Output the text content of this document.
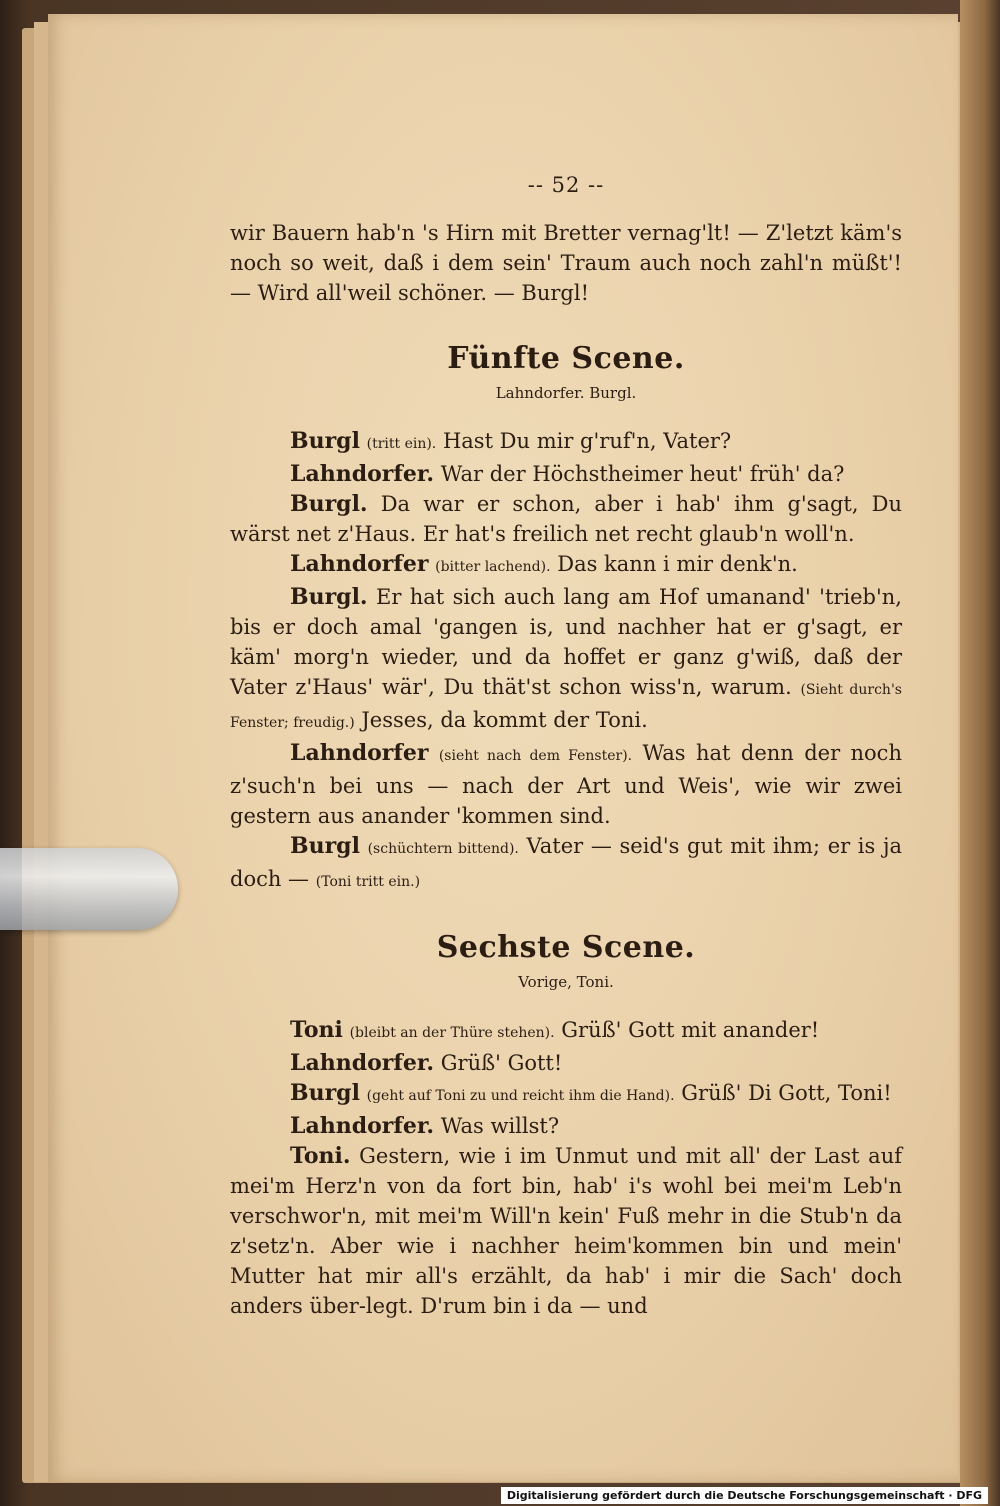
-- 52 --

wir Bauern hab'n 's Hirn mit Bretter vernag'lt! — Z'letzt käm's noch so weit, daß i dem sein' Traum auch noch zahl'n müßt'! — Wird all'weil schöner. — Burgl!

Fünfte Scene.
Lahndorfer. Burgl.

Burgl (tritt ein). Hast Du mir g'ruf'n, Vater?

Lahndorfer. War der Höchstheimer heut' früh' da?

Burgl. Da war er schon, aber i hab' ihm g'sagt, Du wärst net z'Haus. Er hat's freilich net recht glaub'n woll'n.

Lahndorfer (bitter lachend). Das kann i mir denk'n.

Burgl. Er hat sich auch lang am Hof umanand' 'trieb'n, bis er doch amal 'gangen is, und nachher hat er g'sagt, er käm' morg'n wieder, und da hoffet er ganz g'wiß, daß der Vater z'Haus' wär', Du thät'st schon wiss'n, warum. (Sieht durch's Fenster; freudig.) Jesses, da kommt der Toni.

Lahndorfer (sieht nach dem Fenster). Was hat denn der noch z'such'n bei uns — nach der Art und Weis', wie wir zwei gestern aus anander 'kommen sind.

Burgl (schüchtern bittend). Vater — seid's gut mit ihm; er is ja doch — (Toni tritt ein.)

Sechste Scene.
Vorige, Toni.

Toni (bleibt an der Thüre stehen). Grüß' Gott mit anander!

Lahndorfer. Grüß' Gott!

Burgl (geht auf Toni zu und reicht ihm die Hand). Grüß' Di Gott, Toni!

Lahndorfer. Was willst?

Toni. Gestern, wie i im Unmut und mit all' der Last auf mei'm Herz'n von da fort bin, hab' i's wohl bei mei'm Leb'n verschwor'n, mit mei'm Will'n kein' Fuß mehr in die Stub'n da z'setz'n. Aber wie i nachher heim'kommen bin und mein' Mutter hat mir all's erzählt, da hab' i mir die Sach' doch anders über-legt. D'rum bin i da — und

Digitalisierung gefördert durch die Deutsche Forschungsgemeinschaft · DFG
